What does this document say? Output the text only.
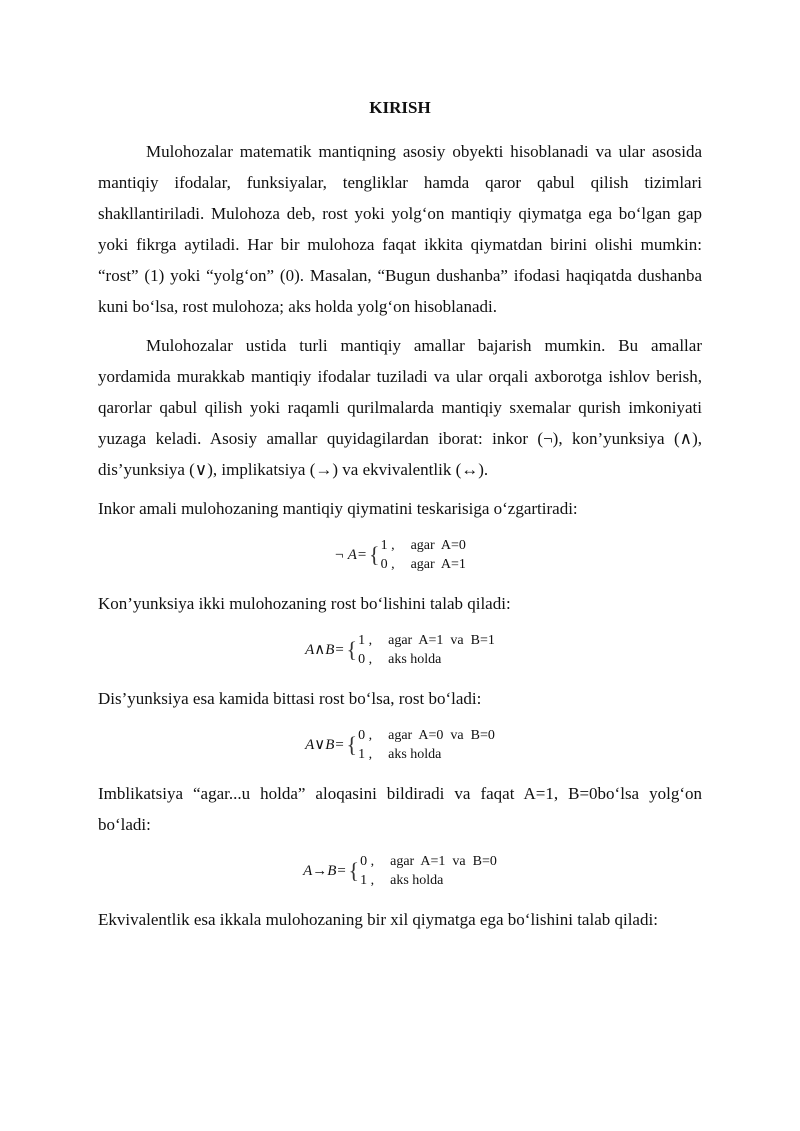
KIRISH

Mulohozalar matematik mantiqning asosiy obyekti hisoblanadi va ular asosida mantiqiy ifodalar, funksiyalar, tengliklar hamda qaror qabul qilish tizimlari shakllantiriladi. Mulohoza deb, rost yoki yolg‘on mantiqiy qiymatga ega bo‘lgan gap yoki fikrga aytiladi. Har bir mulohoza faqat ikkita qiymatdan birini olishi mumkin: “rost” (1) yoki “yolg‘on” (0). Masalan, “Bugun dushanba” ifodasi haqiqatda dushanba kuni bo‘lsa, rost mulohoza; aks holda yolg‘on hisoblanadi.

Mulohozalar ustida turli mantiqiy amallar bajarish mumkin. Bu amallar yordamida murakkab mantiqiy ifodalar tuziladi va ular orqali axborotga ishlov berish, qarorlar qabul qilish yoki raqamli qurilmalarda mantiqiy sxemalar qurish imkoniyati yuzaga keladi. Asosiy amallar quyidagilardan iborat: inkor (¬), kon’yunksiya (∧), dis’yunksiya (∨), implikatsiya (→) va ekvivalentlik (↔).

Inkor amali mulohozaning mantiqiy qiymatini teskarisiga o‘zgartiradi:

¬ A= { 1 ,	agar  A=0
0 ,	agar  A=1

Kon’yunksiya ikki mulohozaning rost bo‘lishini talab qiladi:

A∧B= { 1 ,	agar  A=1  va  B=1
0 ,	aks holda

Dis’yunksiya esa kamida bittasi rost bo‘lsa, rost bo‘ladi:

A∨B= { 0 ,	agar  A=0  va  B=0
1 ,	aks holda

Imblikatsiya “agar...u holda” aloqasini bildiradi va faqat A=1, B=0bo‘lsa yolg‘on bo‘ladi:

A→B= { 0 ,	agar  A=1  va  B=0
1 ,	aks holda

Ekvivalentlik esa ikkala mulohozaning bir xil qiymatga ega bo‘lishini talab qiladi:
